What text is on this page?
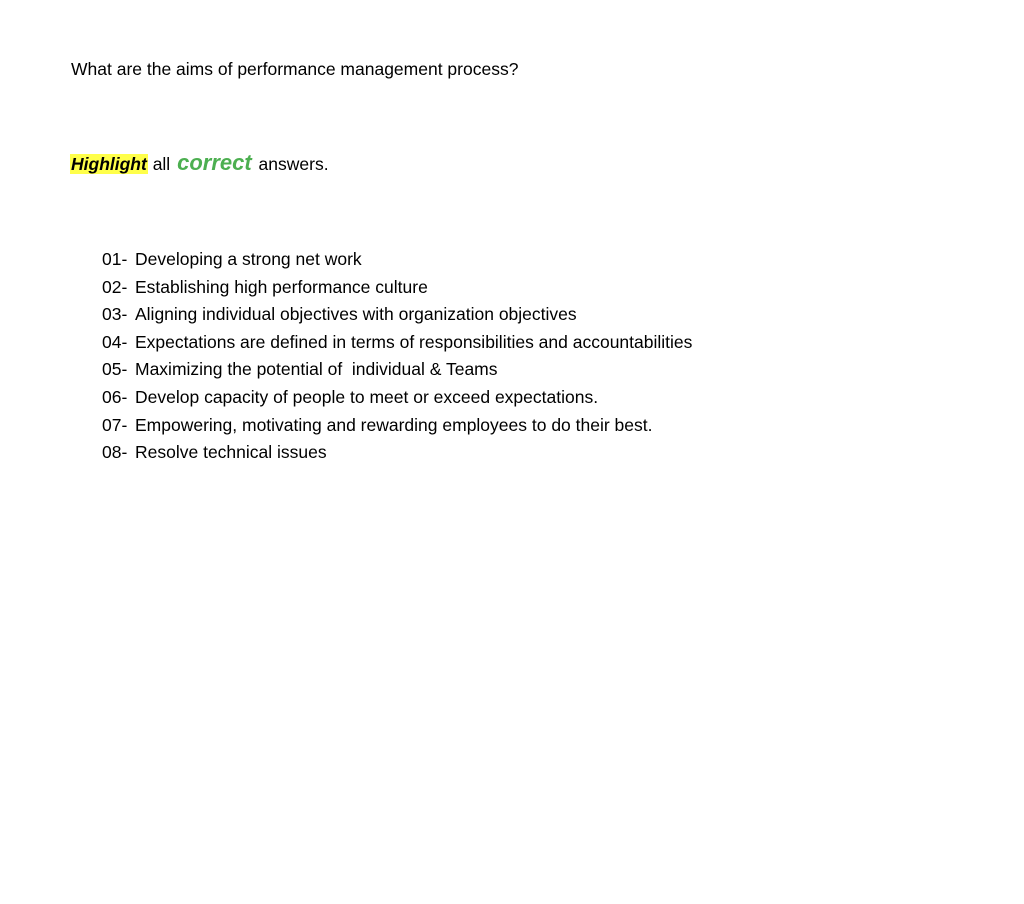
What are the aims of performance management process?
Highlight all correct answers.
01- Developing a strong net work
02- Establishing high performance culture
03- Aligning individual objectives with organization objectives
04- Expectations are defined in terms of responsibilities and accountabilities
05- Maximizing the potential of  individual & Teams
06- Develop capacity of people to meet or exceed expectations.
07- Empowering, motivating and rewarding employees to do their best.
08- Resolve technical issues
